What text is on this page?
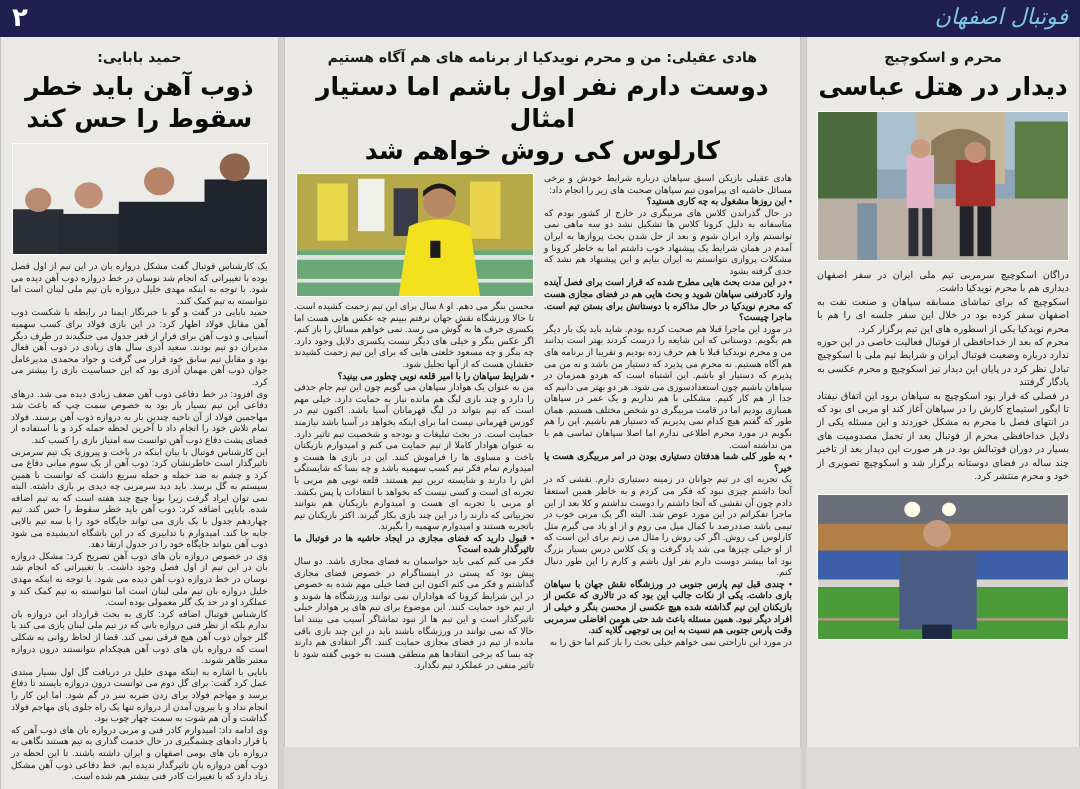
۲	فوتبال اصفهان
محرم و اسکوچیچ
دیدار در هتل عباسی

دراگان اسکوچیچ سرمربی تیم ملی ایران در سفر اصفهان دیداری هم با محرم نویدکیا داشت.

اسکوچیچ که برای تماشای مسابقه سپاهان و صنعت نفت به اصفهان سفر کرده بود در خلال این سفر جلسه ای را هم با محرم نویدکیا یکی از اسطوره های این تیم برگزار کرد.

محرم که بعد از خداحافظی از فوتبال فعالیت خاصی در این حوزه ندارد درباره وضعیت فوتبال ایران و شرایط تیم ملی با اسکوچیچ تبادل نظر کرد در پایان این دیدار نیز اسکوچیچ و محرم عکسی به یادگار گرفتند

در فصلی که قرار بود اسکوچیچ به سپاهان برود این اتفاق نیفتاد تا ایگور استیماچ کارش را در سپاهان آغاز کند او مربی ای بود که در انتهای فصل با محرم به مشکل خوردند و این مسئله یکی از دلایل خداحافظی محرم از فوتبال بعد از تحمل مصدومیت های بسیار در دوران فوتبالش بود در هر صورت این دیدار بعد از تاخیر چند ساله در فضای دوستانه برگزار شد و اسکوچیچ تصویری از خود و محرم منتشر کرد.

هادی عقیلی: من و محرم نویدکیا از برنامه های هم آگاه هستیم
دوست دارم نفر اول باشم اما دستیار امثال
کارلوس کی روش خواهم شد

هادی عقیلی بازیکن اسبق سپاهان درباره شرایط خودش و برخی مسائل حاشیه ای پیرامون تیم سپاهان صحبت های زیر را انجام داد:

• این روزها مشغول به چه کاری هستید؟

در حال گذراندن کلاس های مربیگری در خارج از کشور بودم که متاسفانه به دلیل کرونا کلاس ها تشکیل نشد دو سه ماهی نمی توانستم وارد ایران شوم و بعد از حل شدن بحث پروازها به ایران آمدم در همان شرایط یک پیشنهاد خوب داشتم اما به خاطر کرونا و مشکلات پروازی نتوانستم به ایران بیایم و این پیشنهاد هم نشد که جدی گرفته بشود

• در این مدت بحث هایی مطرح شده که قرار است برای فصل آینده وارد کادرفنی سپاهان شوید و بحث هایی هم در فضای مجازی هست که محرم نویدکیا در حال مذاکره با دوستانش برای بستن تیم است. ماجرا چیست؟

در مورد این ماجرا قبلا هم صحبت کرده بودم. شاید باید یک بار دیگر هم بگویم. دوستانی که این شایعه را درست کردند بهتر است بدانند من و محرم نویدکیا قبلا با هم حرف زده بودیم و تقریبا از برنامه های هم آگاه هستیم. نه محرم می پذیرد که دستیار من باشد و نه من می پذیرم که دستیار او باشم. این اشتباه است که هردو همزمان در سپاهان باشیم چون استعدادسوزی می شود. هر دو بهتر می دانیم که جدا از هم کار کنیم. مشکلی با هم نداریم و یک عمر در سپاهان همبازی بودیم اما در قامت مربیگری دو شخص مختلف هستیم. همان طور که گفتم هیچ کدام نمی پذیریم که دستیار هم باشیم. این را هم بگویم در مورد محرم اطلاعی ندارم اما اصلا سپاهان تماسی هم با من نداشته است.

• به طور کلی شما هدفتان دستیاری بودن در امر مربیگری هست یا خیر؟

یک تجربه ای در تیم جوانان در زمینه دستیاری دارم. نقشی که در آنجا داشتم چیزی نبود که فکر می کردم و به خاطر همین استعفا دادم چون آن نقشی که آنجا داشتم را دوست نداشتم و کلا بعد از این ماجرا تفکراتم در این مورد عوض شد. البته اگر یک مربی خوب در تیمی باشد صددرصد با کمال میل می روم و از او یاد می گیرم مثل کارلوس کی روش. اگر کی روش را مثال می زنم برای این است که از او خیلی چیزها می شد یاد گرفت و یک کلاس درس بسیار بزرگ بود اما بیشتر دوست دارم نفر اول باشم و کارم را این طور دنبال کنم.

• چندی قبل تیم پارس جنوبی در ورزشگاه نقش جهان با سپاهان بازی داشت. یکی از نکات جالب این بود که در تالاری که عکس از بازیکنان این تیم گذاشته شده هیچ عکسی از محسن بنگر و خیلی از افراد دیگر نبود. همین مسئله باعث شد حتی هومن افاضلی سرمربی وقت پارس جنوبی هم نسبت به این بی توجهی گلایه کند.

در مورد این ناراحتی نمی خواهم خیلی بحث را باز کنم اما حق را به

محسن بنگر می دهم. او ۸ سال برای این تیم زحمت کشیده است. تا حالا ورزشگاه نقش جهان نرفتم ببینم چه عکس هایی هست اما یکسری حرف ها به گوش می رسد. نمی خواهم مسائل را باز کنم. اگر عکس بنگر و خیلی های دیگر نیست یکسری دلایل وجود دارد. چه بنگر و چه مسعود خلعتی هایی که برای این تیم زحمت کشیدند حقشان هست که از آنها تجلیل شود.

• شرایط سپاهان را با امیر قلعه نویی چطور می بینید؟

من به عنوان یک هوادار سپاهان می گویم چون این تیم جام حذفی را دارد و چند بازی لیگ هم مانده نیاز به حمایت دارد. خیلی مهم است که تیم بتواند در لیگ قهرمانان آسیا باشد. اکنون تیم در کورس قهرمانی نیست اما برای اینکه بخواهد در آسیا باشد نیازمند حمایت است. در بحث تبلیغات و بودجه و شخصیت تیم تاثیر دارد. به عنوان هوادار کاملا از تیم حمایت می کنم و امیدوارم بازیکنان باخت و مساوی ها را فراموش کنند. این در بازی ها هست و امیدوارم تمام فکر تیم کسب سهمیه باشد و چه بسا که شایستگی اش را دارند و شایسته ترین تیم هستند. قلعه نویی هم مربی با تجربه ای است و کسی نیست که بخواهد با انتقادات پا پس بکشد. او مربی با تجربه ای هست و امیدوارم بازیکنان هم بتوانند تجربیاتی که دارند را در این چند بازی بکار گیرند. اکثر بازیکنان تیم باتجربه هستند و امیدوارم سهمیه را بگیرند.

• قبول دارید که فضای مجازی در ایجاد حاشیه ها در فوتبال ما تاثیرگذار شده است؟

فکر می کنم کمی باید حواسمان به فضای مجازی باشد. دو سال پیش بود که پستی در اینستاگرام در خصوص فضای مجازی گذاشتم و فکر می کنم اکنون این فضا خیلی مهم شده به خصوص در این شرایط کرونا که هواداران نمی توانند ورزشگاه ها شوند و از تیم خود حمایت کنند. این موضوع برای تیم های پر هوادار خیلی تاثیرگذار است و این تیم ها از نبود تماشاگر آسیب می بینند اما حالا که نمی توانند در ورزشگاه باشند باید در این چند بازی باقی مانده از تیم در فضای مجازی حمایت کنند. اگر انتقادی هم دارند چه بسا که برخی انتقادها هم منطقی هست به خوبی گفته شود تا تاثیر منفی در عملکرد تیم نگذارد.

حمید بابایی:
ذوب آهن باید خطر
سقوط را حس کند

یک کارشناس فوتبال گفت مشکل دروازه بان در این تیم از اول فصل بوده با تغییراتی که انجام شد نوسان در خط دروازه ذوب آهن دیده می شود. با توجه به اینکه مهدی خلیل دروازه بان تیم ملی لبنان است اما نتوانسته به تیم کمک کند.

حمید بابایی در گفت و گو با خبرنگار ایمنا در رابطه با شکست ذوب آهن مقابل فولاد اظهار کرد: در این بازی فولاد برای کسب سهمیه آسیایی و ذوب آهن برای فرار از قعر جدول می جنگیدند در طرف دیگر مدیران دو تیم بودند. سعید آذری سال های زیادی در ذوب آهن فعال بود و مقابل تیم سابق خود قرار می گرفت و جواد محمدی مدیرعامل جوان ذوب آهن مهمان آذری بود که این حساسیت بازی را بیشتر می کرد.

وی افزود: در خط دفاعی ذوب آهن ضعف زیادی دیده می شد. درهای دفاعی این تیم بسیار باز بود به خصوص سمت چپ که باعث شد مهاجمین فولاد از آن ناحیه چندین بار به دروازه ذوب آهن برسند. فولاد تمام تلاش خود را انجام داد تا آخرین لحظه حمله کرد و با استفاده از فضای پشت دفاع ذوب آهن توانست سه امتیاز بازی را کسب کند.

این کارشناس فوتبال با بیان اینکه در باخت و پیروزی یک تیم سرمربی تاثیرگذار است خاطرنشان کرد: ذوب آهن از یک سوم میانی دفاع می کرد و چشم به ضد حمله و حمله سریع داشت که توانست با همین سیستم به گل برسد. باید دید سرمربی چه دیدی بر بازی داشته. البته نمی توان ایراد گرفت زیرا بونا چیچ چند هفته است که به تیم اضافه شده. بابایی اضافه کرد: ذوب آهن باید خطر سقوط را حس کند. تیم چهاردهم جدول با یک بازی می تواند جایگاه خود را با سه تیم بالایی جابه جا کند. امیدوارم با تدابیری که در این باشگاه اندیشیده می شود ذوب آهن بتواند جایگاه خود را در جدول ارتقا دهد.

وی در خصوص دروازه بان های ذوب آهن تصریح کرد: مشکل دروازه بان در این تیم از اول فصل وجود داشت. با تغییراتی که انجام شد نوسان در خط دروازه ذوب آهن دیده می شود. با توجه به اینکه مهدی خلیل دروازه بان تیم ملی لبنان است اما نتوانسته به تیم کمک کند و عملکرد او در حد یک گلر معمولی بوده است.

کارشناس فوتبال اضافه کرد: کاری به بحث قرارداد این دروازه بان ندارم بلکه از نظر فنی دروازه بانی که در تیم ملی لبنان بازی می کند با گلر جوان ذوب آهن هیچ فرقی نمی کند. قضا از لحاظ روانی به شکلی است که دروازه بان های ذوب آهن هیچکدام نتوانستند درون دروازه معتبر ظاهر شوند.

بابایی با اشاره به اینکه مهدی خلیل در دریافت گل اول بسیار مبتدی عمل کرد گفت: برای گل دوم می توانست درون دروازه بایستد تا دفاع برسد و مهاجم فولاد برای زدن ضربه سر در گم شود. اما این کار را انجام نداد و با بیرون آمدن از دروازه تنها یک راه جلوی پای مهاجم فولاد گذاشت و آن هم شوت به سمت چهار چوب بود.

وی ادامه داد: امیدوارم کادر فنی و مربی دروازه بان های ذوب آهن که با قرار دادهای چشمگیری در حال خدمت گذاری به تیم هستند نگاهی به دروازه بان های بومی اصفهان و ایران داشته باشند. تا این لحظه در ذوب آهن دروازه بان تاثیرگذار ندیده ایم. خط دفاعی ذوب آهن مشکل زیاد دارد که با تغییرات کادر فنی بیشتر هم شده است.
